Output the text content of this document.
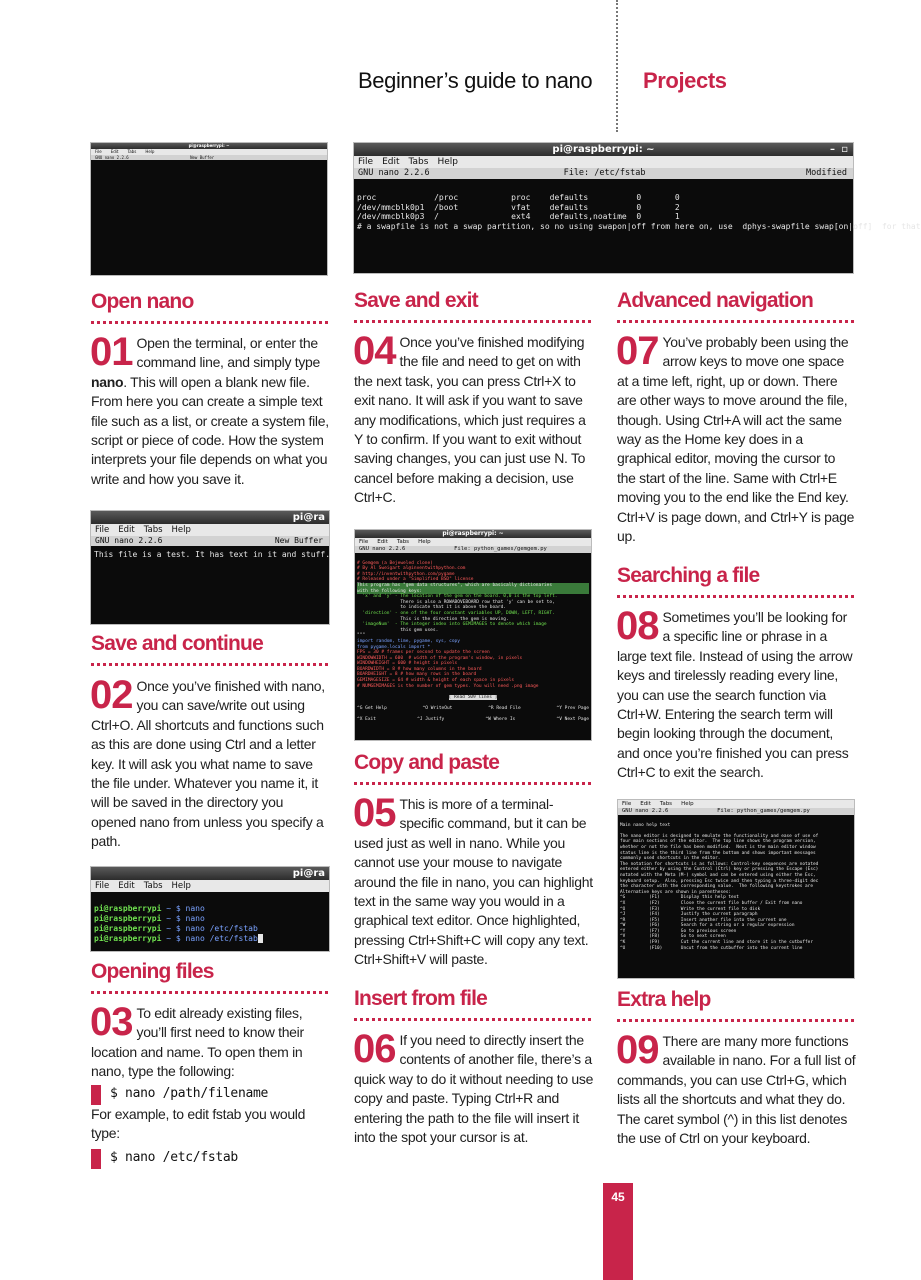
Beginner’s guide to nano Projects
pi@raspberrypi: ~
File Edit Tabs Help
GNU nano 2.2.6	New Buffer
pi@raspberrypi: ~	– ▫
File Edit Tabs Help
GNU nano 2.2.6	File: /etc/fstab	Modified

proc            /proc           proc    defaults          0       0
/dev/mmcblk0p1  /boot           vfat    defaults          0       2
/dev/mmcblk0p3  /               ext4    defaults,noatime  0       1
# a swapfile is not a swap partition, so no using swapon|off from here on, use  dphys-swapfile swap[on|off]  for that

Open nano
01 Open the terminal, or enter the command line, and simply type nano. This will open a blank new file. From here you can create a simple text file such as a list, or create a system file, script or piece of code. How the system interprets your file depends on what you write and how you save it.
pi@ra
File Edit Tabs Help
GNU nano 2.2.6	New Buffer
This file is a test. It has text in it and stuff.
Save and continue
02 Once you’ve finished with nano, you can save/write out using Ctrl+O. All shortcuts and functions such as this are done using Ctrl and a letter key. It will ask you what name to save the file under. Whatever you name it, it will be saved in the directory you opened nano from unless you specify a path.
pi@ra
File Edit Tabs Help

pi@raspberrypi ~ $ nano
pi@raspberrypi ~ $ nano
pi@raspberrypi ~ $ nano /etc/fstab
pi@raspberrypi ~ $ nano /etc/fstab

Opening files
03 To edit already existing files, you’ll first need to know their location and name. To open them in nano, type the following:
$ nano /path/filename
For example, to edit fstab you would type:
$ nano /etc/fstab
Save and exit
04 Once you’ve finished modifying the file and need to get on with the next task, you can press Ctrl+X to exit nano. It will ask if you want to save any modifications, which just requires a Y to confirm. If you want to exit without saving changes, you can just use N. To cancel before making a decision, use Ctrl+C.
pi@raspberrypi: ~
File Edit Tabs Help
GNU nano 2.2.6	File: python_games/gemgem.py

# Gemgem (a Bejeweled clone)
# By Al Sweigart al@inventwithpython.com
# http://inventwithpython.com/pygame
# Released under a "Simplified BSD" license
This program has "gem data structures", which are basically dictionaries
with the following keys:
'x' and 'y' - The location of the gem on the board. 0,0 is the top left.
There is also a ROWABOVEBOARD row that 'y' can be set to,
to indicate that it is above the board.
'direction' - one of the four constant variables UP, DOWN, LEFT, RIGHT.
This is the direction the gem is moving.
'imageNum'  - The integer index into GEMIMAGES to denote which image
this gem uses.
"""
import random, time, pygame, sys, copy
from pygame.locals import *
FPS = 30 # frames per second to update the screen
WINDOWWIDTH = 600  # width of the program's window, in pixels
WINDOWHEIGHT = 600 # height in pixels
BOARDWIDTH = 8 # how many columns in the board
BOARDHEIGHT = 8 # how many rows in the board
GEMIMAGESIZE = 64 # width & height of each space in pixels
# NUMGEMIMAGES is the number of gem types. You will need .png image

[ Read 509 lines ]

^G Get Help	^O WriteOut	^R Read File	^Y Prev Page

^X Exit	^J Justify	^W Where Is	^V Next Page

Copy and paste
05 This is more of a terminal-specific command, but it can be used just as well in nano. While you cannot use your mouse to navigate around the file in nano, you can highlight text in the same way you would in a graphical text editor. Once highlighted, pressing Ctrl+Shift+C will copy any text. Ctrl+Shift+V will paste.
Insert from file
06 If you need to directly insert the contents of another file, there’s a quick way to do it without needing to use copy and paste. Typing Ctrl+R and entering the path to the file will insert it into the spot your cursor is at.
Advanced navigation
07 You’ve probably been using the arrow keys to move one space at a time left, right, up or down. There are other ways to move around the file, though. Using Ctrl+A will act the same way as the Home key does in a graphical editor, moving the cursor to the start of the line. Same with Ctrl+E moving you to the end like the End key. Ctrl+V is page down, and Ctrl+Y is page up.
Searching a file
08 Sometimes you’ll be looking for a specific line or phrase in a large text file. Instead of using the arrow keys and tirelessly reading every line, you can use the search function via Ctrl+W. Entering the search term will begin looking through the document, and once you’re finished you can press Ctrl+C to exit the search.
File Edit Tabs Help
GNU nano 2.2.6	File: python_games/gemgem.py

Main nano help text

The nano editor is designed to emulate the functionality and ease of use of
four main sections of the editor.  The top line shows the program version,
whether or not the file has been modified.  Next is the main editor window
status line is the third line from the bottom and shows important messages
commonly used shortcuts in the editor.
The notation for shortcuts is as follows: Control-key sequences are notated
entered either by using the Control (Ctrl) key or pressing the Escape (Esc)
notated with the Meta (M-) symbol and can be entered using either the Esc,
keyboard setup.  Also, pressing Esc twice and then typing a three-digit dec
the character with the corresponding value.  The following keystrokes are
Alternative keys are shown in parentheses:
^G         (F1)        Display this help text
^X         (F2)        Close the current file buffer / Exit from nano
^O         (F3)        Write the current file to disk
^J         (F4)        Justify the current paragraph
^R         (F5)        Insert another file into the current one
^W         (F6)        Search for a string or a regular expression
^Y         (F7)        Go to previous screen
^V         (F8)        Go to next screen
^K         (F9)        Cut the current line and store it in the cutbuffer
^U         (F10)       Uncut from the cutbuffer into the current line

Extra help
09 There are many more functions available in nano. For a full list of commands, you can use Ctrl+G, which lists all the shortcuts and what they do. The caret symbol (^) in this list denotes the use of Ctrl on your keyboard.
45
